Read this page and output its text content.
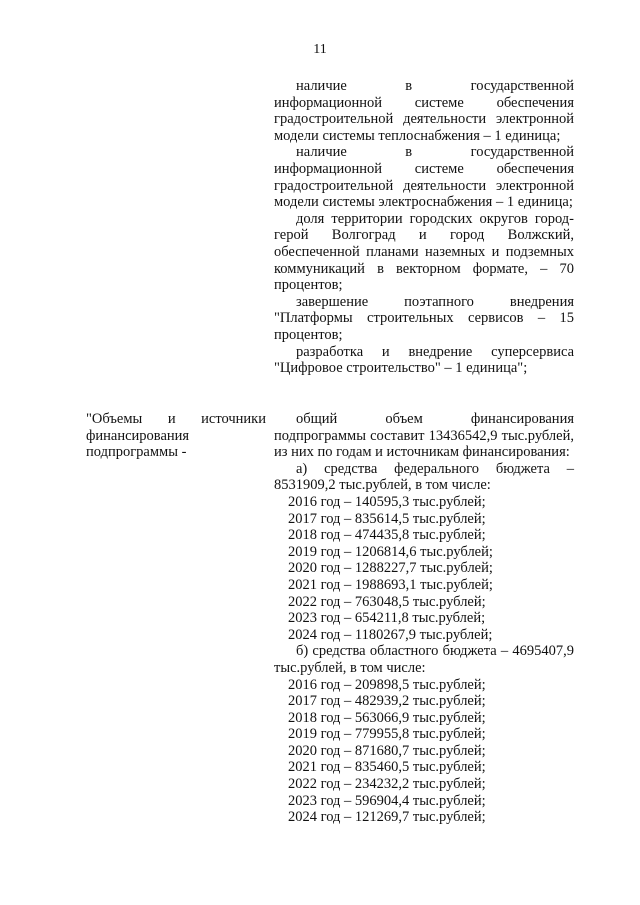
11

наличие в государственной информационной системе обеспечения градостроительной деятельности электронной модели системы теплоснабжения – 1 единица;

наличие в государственной информационной системе обеспечения градостроительной деятельности электронной модели системы электроснабжения – 1 единица;

доля территории городских округов город-герой Волгоград и город Волжский, обеспеченной планами наземных и подземных коммуникаций в векторном формате, – 70 процентов;

завершение поэтапного внедрения "Платформы строительных сервисов – 15 процентов;

разработка и внедрение суперсервиса "Цифровое строительство" – 1 единица";

"Объемы и источники финансирования подпрограммы -

общий объем финансирования подпрограммы составит 13436542,9 тыс.рублей, из них по годам и источникам финансирования:

а) средства федерального бюджета – 8531909,2 тыс.рублей, в том числе:

2016 год – 140595,3 тыс.рублей;

2017 год – 835614,5 тыс.рублей;

2018 год – 474435,8 тыс.рублей;

2019 год – 1206814,6 тыс.рублей;

2020 год – 1288227,7 тыс.рублей;

2021 год – 1988693,1 тыс.рублей;

2022 год – 763048,5 тыс.рублей;

2023 год – 654211,8 тыс.рублей;

2024 год – 1180267,9 тыс.рублей;

б) средства областного бюджета – 4695407,9 тыс.рублей, в том числе:

2016 год – 209898,5 тыс.рублей;

2017 год – 482939,2 тыс.рублей;

2018 год – 563066,9 тыс.рублей;

2019 год – 779955,8 тыс.рублей;

2020 год – 871680,7 тыс.рублей;

2021 год – 835460,5 тыс.рублей;

2022 год – 234232,2 тыс.рублей;

2023 год – 596904,4 тыс.рублей;

2024 год – 121269,7 тыс.рублей;
